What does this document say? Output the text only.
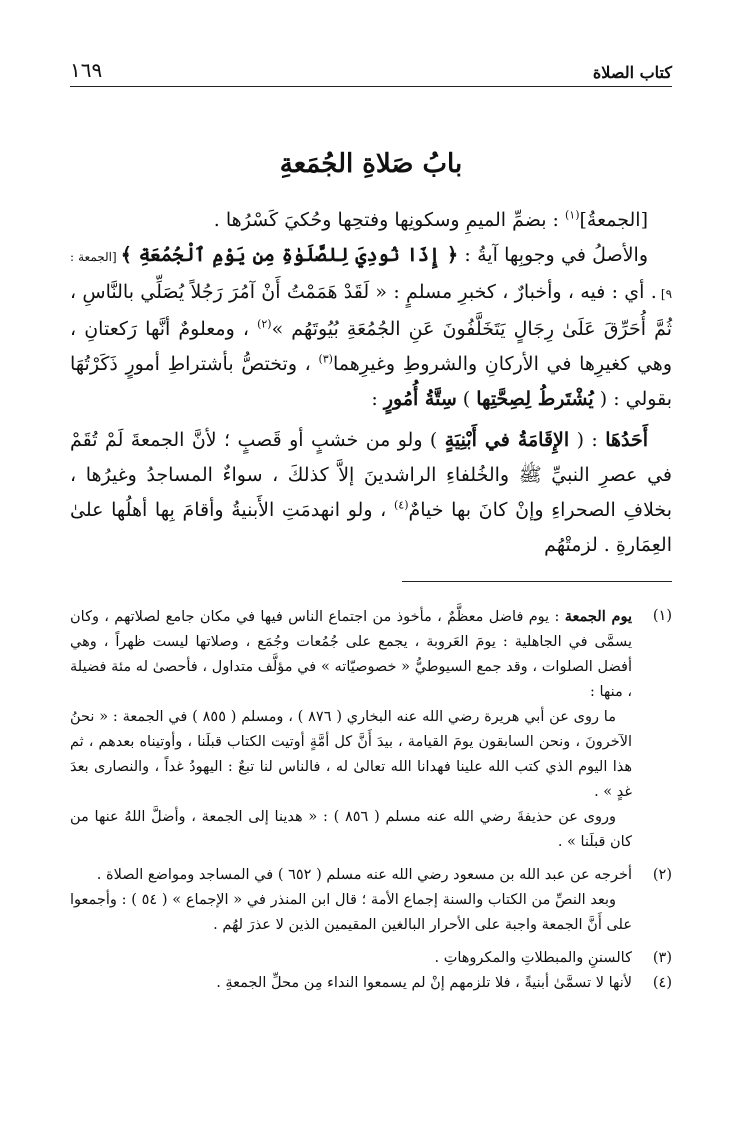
كتاب الصلاة
١٦٩
بابُ صَلاةِ الجُمَعةِ

[الجمعةُ]$^{(١)}$ : بضمِّ الميمِ وسكونِها وفتحِها وحُكيَ كَسْرُها .

والأصلُ في وجوبِها آيةُ : ﴿ إِذَا نُودِيَ لِلصَّلَوٰةِ مِن يَوْمِ ٱلْجُمُعَةِ ﴾ [الجمعة : ٩] . أي : فيه ، وأخبارٌ ، كخبرِ مسلمٍ : « لَقَدْ هَمَمْتُ أَنْ آمُرَ رَجُلاً يُصَلِّي بالنَّاسِ ، ثُمَّ أُحَرِّقَ عَلَىٰ رِجَالٍ يَتَخَلَّفُونَ عَنِ الجُمُعَةِ بُيُوتَهُم »$^{(٢)}$ ، ومعلومٌ أنَّها رَكعتانِ ، وهي كغيرِها في الأركانِ والشروطِ وغيرِهما$^{(٣)}$ ، وتختصُّ بأشتراطِ أمورٍ ذَكَرْتُهَا بقولي : ( يُشْتَرطُ لِصِحَّتِها ) سِتَّةُ أُمُورٍ :

أَحَدُهَا : ( الإِقَامَةُ في أَبْنِيَةٍ ) ولو من خشبٍ أو قَصبٍ ؛ لأنَّ الجمعةَ لَمْ تُقَمْ في عصرِ النبيِّ ﷺ والخُلفاءِ الراشدينَ إلاَّ كذلكَ ، سواءٌ المساجدُ وغيرُها ، بخلافِ الصحراءِ وإنْ كانَ بها خيامٌ$^{(٤)}$ ، ولو انهدمَتِ الأَبنيةُ وأقامَ بِها أهلُها علىٰ العِمَارةِ . لزمتْهُم

(١)
يوم الجمعة : يوم فاضل معظَّمٌ ، مأخوذ من اجتماع الناس فيها في مكان جامع لصلاتهم ، وكان يسمَّى في الجاهلية : يومَ العَروبة ، يجمع على جُمُعات وجُمَع ، وصلاتها ليست ظهراً ، وهي أفضل الصلوات ، وقد جمع السيوطيُّ « خصوصيّاته » في مؤلَّف متداول ، فأحصىٰ له مئة فضيلة ، منها :

ما روى عن أبي هريرة رضي الله عنه البخاري ( ٨٧٦ ) ، ومسلم ( ٨٥٥ ) في الجمعة : « نحنُ الآخرونَ ، ونحن السابقون يومَ القيامة ، بيدَ أَنَّ كل أمَّةٍ أوتيت الكتاب قبلَنا ، وأوتيناه بعدهم ، ثم هذا اليوم الذي كتب الله علينا فهدانا الله تعالىٰ له ، فالناس لنا تبعٌ : اليهودُ غداً ، والنصارى بعدَ غدٍ » .

وروى عن حذيفةَ رضي الله عنه مسلم ( ٨٥٦ ) : « هدينا إلى الجمعة ، وأضلَّ اللهُ عنها من كان قبلَنا » .

(٢)
أخرجه عن عبد الله بن مسعود رضي الله عنه مسلم ( ٦٥٢ ) في المساجد ومواضع الصلاة .

وبعد النصِّ من الكتاب والسنة إجماع الأمة ؛ قال ابن المنذر في « الإجماع » ( ٥٤ ) : وأجمعوا على أَنَّ الجمعة واجبة على الأحرار البالغين المقيمين الذين لا عذرَ لهُم .

(٣)
كالسننِ والمبطلاتِ والمكروهاتِ .
(٤)
لأنها لا تسمَّىٰ أبنيةً ، فلا تلزمهم إنْ لم يسمعوا النداء مِن محلِّ الجمعةِ .
